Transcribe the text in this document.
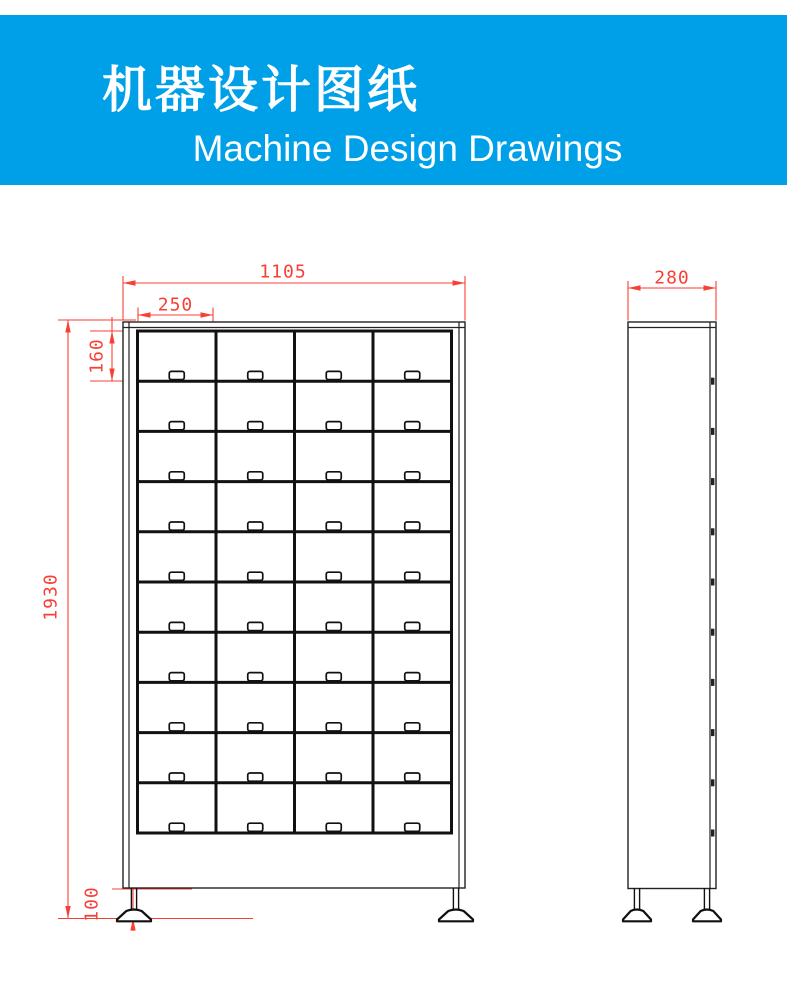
机器设计图纸
Machine Design Drawings
1105
250
160
1930
100
280
